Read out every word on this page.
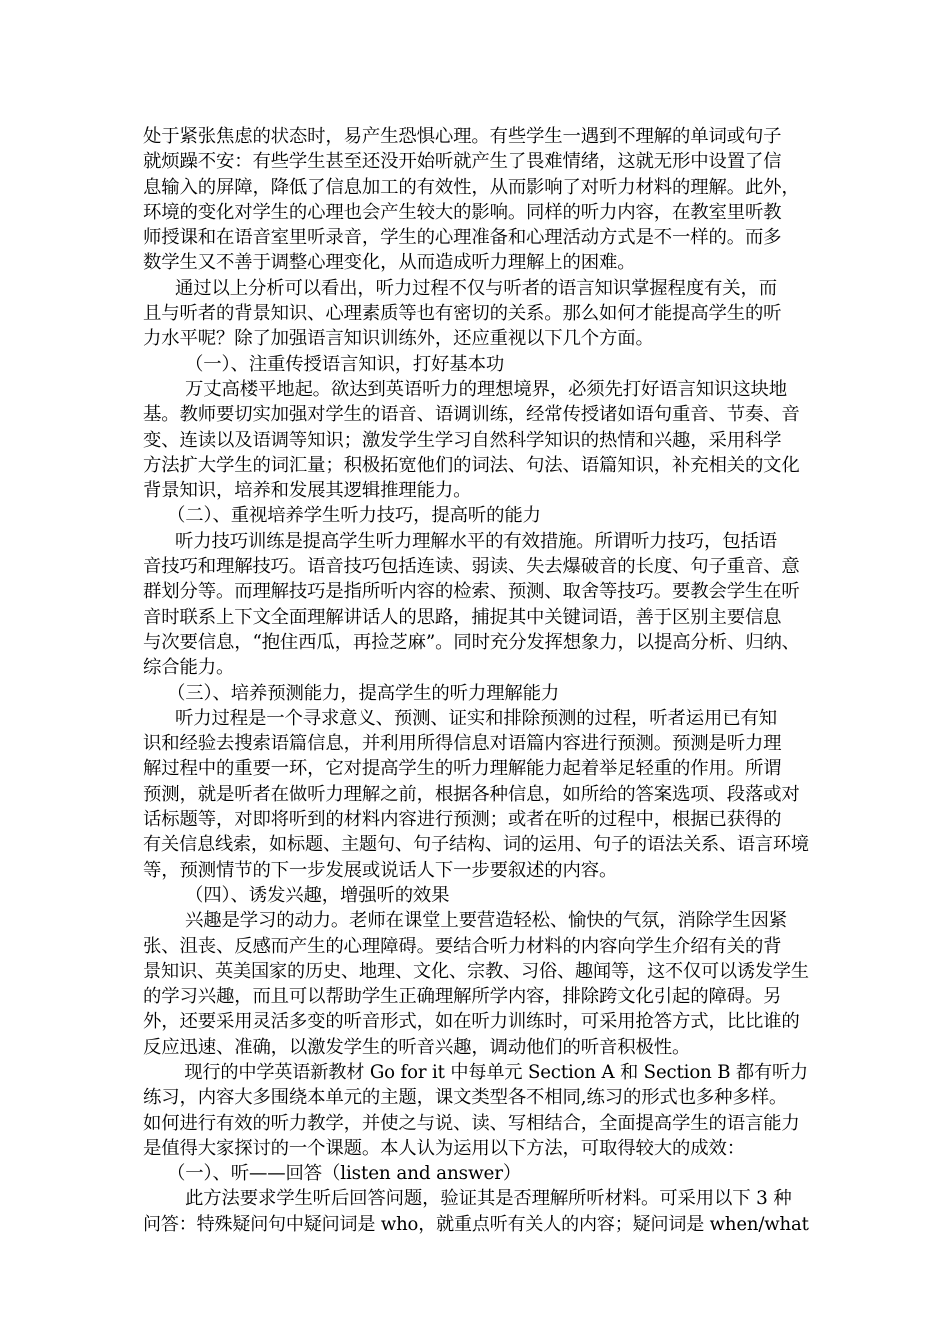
处于紧张焦虑的状态时，易产生恐惧心理。有些学生一遇到不理解的单词或句子
就烦躁不安：有些学生甚至还没开始听就产生了畏难情绪，这就无形中设置了信
息输入的屏障，降低了信息加工的有效性，从而影响了对听力材料的理解。此外，
环境的变化对学生的心理也会产生较大的影响。同样的听力内容，在教室里听教
师授课和在语音室里听录音，学生的心理准备和心理活动方式是不一样的。而多
数学生又不善于调整心理变化，从而造成听力理解上的困难。
通过以上分析可以看出，听力过程不仅与听者的语言知识掌握程度有关，而
且与听者的背景知识、心理素质等也有密切的关系。那么如何才能提高学生的听
力水平呢？除了加强语言知识训练外，还应重视以下几个方面。
（一）、注重传授语言知识，打好基本功
万丈高楼平地起。欲达到英语听力的理想境界，必须先打好语言知识这块地
基。教师要切实加强对学生的语音、语调训练，经常传授诸如语句重音、节奏、音
变、连读以及语调等知识；激发学生学习自然科学知识的热情和兴趣，采用科学
方法扩大学生的词汇量；积极拓宽他们的词法、句法、语篇知识，补充相关的文化
背景知识，培养和发展其逻辑推理能力。
（二）、重视培养学生听力技巧，提高听的能力
听力技巧训练是提高学生听力理解水平的有效措施。所谓听力技巧，包括语
音技巧和理解技巧。语音技巧包括连读、弱读、失去爆破音的长度、句子重音、意
群划分等。而理解技巧是指所听内容的检索、预测、取舍等技巧。要教会学生在听
音时联系上下文全面理解讲话人的思路，捕捉其中关键词语，善于区别主要信息
与次要信息，“抱住西瓜，再捡芝麻”。同时充分发挥想象力，以提高分析、归纳、
综合能力。
（三）、培养预测能力，提高学生的听力理解能力
听力过程是一个寻求意义、预测、证实和排除预测的过程，听者运用已有知
识和经验去搜索语篇信息，并利用所得信息对语篇内容进行预测。预测是听力理
解过程中的重要一环，它对提高学生的听力理解能力起着举足轻重的作用。所谓
预测，就是听者在做听力理解之前，根据各种信息，如所给的答案选项、段落或对
话标题等，对即将听到的材料内容进行预测；或者在听的过程中，根据已获得的
有关信息线索，如标题、主题句、句子结构、词的运用、句子的语法关系、语言环境
等，预测情节的下一步发展或说话人下一步要叙述的内容。
（四）、诱发兴趣，增强听的效果
兴趣是学习的动力。老师在课堂上要营造轻松、愉快的气氛，消除学生因紧
张、沮丧、反感而产生的心理障碍。要结合听力材料的内容向学生介绍有关的背
景知识、英美国家的历史、地理、文化、宗教、习俗、趣闻等，这不仅可以诱发学生
的学习兴趣，而且可以帮助学生正确理解所学内容，排除跨文化引起的障碍。另
外，还要采用灵活多变的听音形式，如在听力训练时，可采用抢答方式，比比谁的
反应迅速、准确，以激发学生的听音兴趣，调动他们的听音积极性。
现行的中学英语新教材 Go for it 中每单元 Section A 和 Section B 都有听力
练习，内容大多围绕本单元的主题，课文类型各不相同,练习的形式也多种多样。
如何进行有效的听力教学，并使之与说、读、写相结合，全面提高学生的语言能力
是值得大家探讨的一个课题。本人认为运用以下方法，可取得较大的成效：
（一）、听——回答（listen and answer）
此方法要求学生听后回答问题，验证其是否理解所听材料。可采用以下 3 种
问答：特殊疑问句中疑问词是 who，就重点听有关人的内容；疑问词是 when/what
